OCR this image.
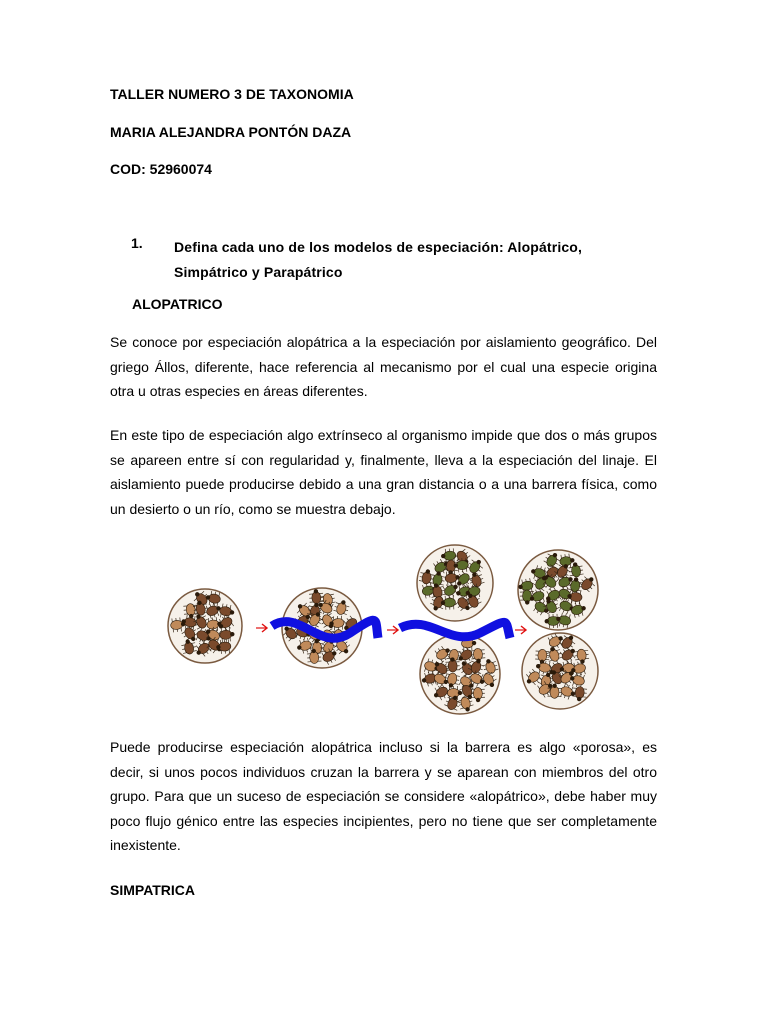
TALLER NUMERO 3 DE TAXONOMIA
MARIA ALEJANDRA PONTÓN DAZA
COD: 52960074
1. Defina cada uno de los modelos de especiación: Alopátrico, Simpátrico y Parapátrico
ALOPATRICO

Se conoce por especiación alopátrica a la especiación por aislamiento geográfico. Del griego Állos, diferente, hace referencia al mecanismo por el cual una especie origina otra u otras especies en áreas diferentes.

En este tipo de especiación algo extrínseco al organismo impide que dos o más grupos se apareen entre sí con regularidad y, finalmente, lleva a la especiación del linaje. El aislamiento puede producirse debido a una gran distancia o a una barrera física, como un desierto o un río, como se muestra debajo.

Puede producirse especiación alopátrica incluso si la barrera es algo «porosa», es decir, si unos pocos individuos cruzan la barrera y se aparean con miembros del otro grupo. Para que un suceso de especiación se considere «alopátrico», debe haber muy poco flujo génico entre las especies incipientes, pero no tiene que ser completamente inexistente.

SIMPATRICA
